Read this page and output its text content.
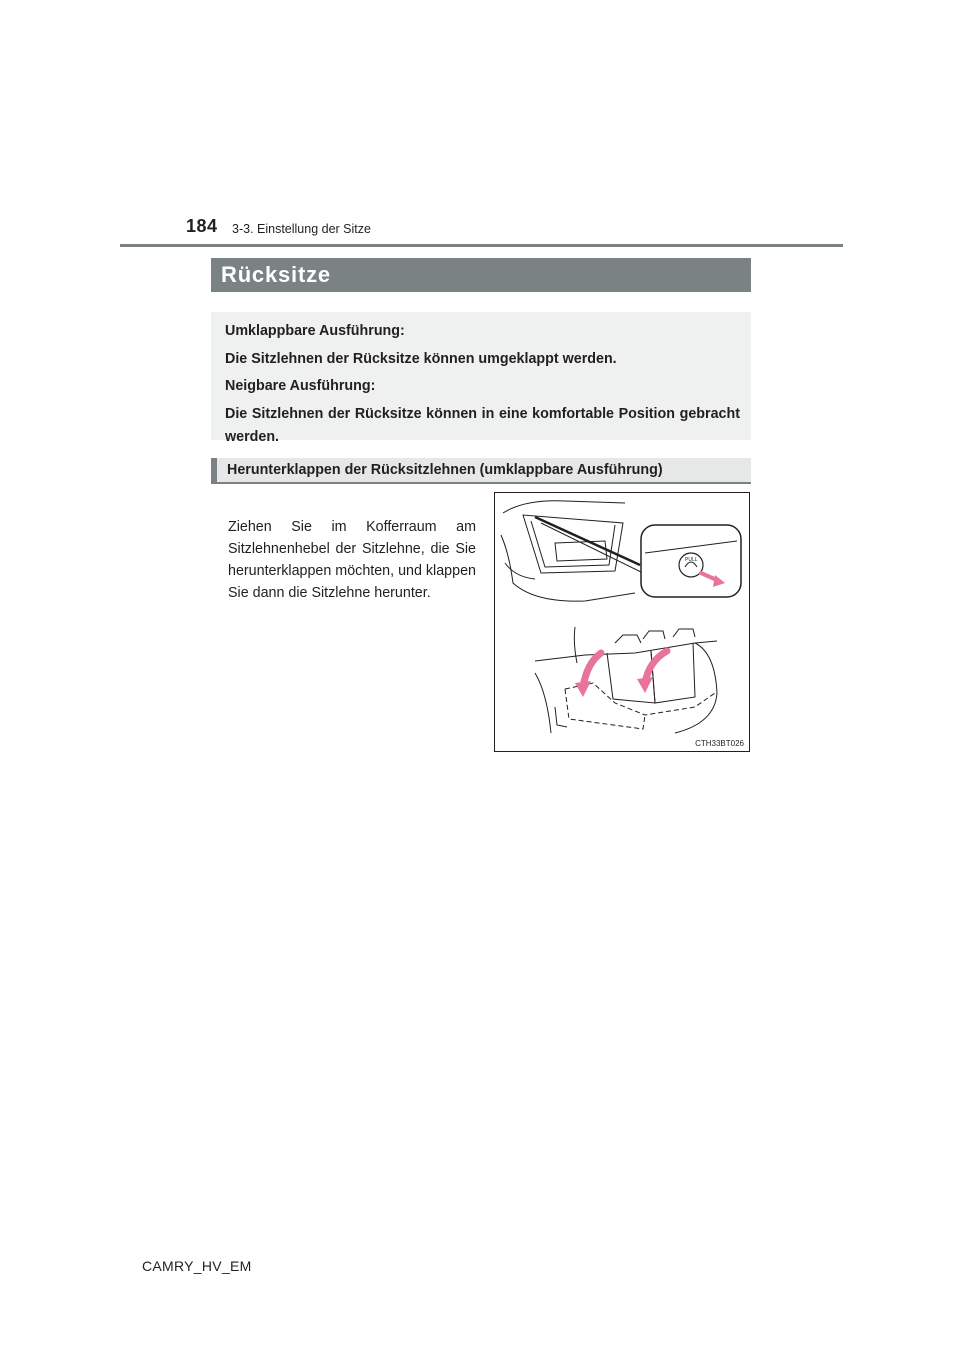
184 3-3. Einstellung der Sitze
Rücksitze

Umklappbare Ausführung:

Die Sitzlehnen der Rücksitze können umgeklappt werden.

Neigbare Ausführung:

Die Sitzlehnen der Rücksitze können in eine komfortable Position gebracht werden.

Herunterklappen der Rücksitzlehnen (umklappbare Ausführung)

Ziehen Sie im Kofferraum am Sitzlehnenhebel der Sitzlehne, die Sie herunterklappen möchten, und klappen Sie dann die Sitzlehne herunter.

PULL
CTH33BT026
CAMRY_HV_EM
